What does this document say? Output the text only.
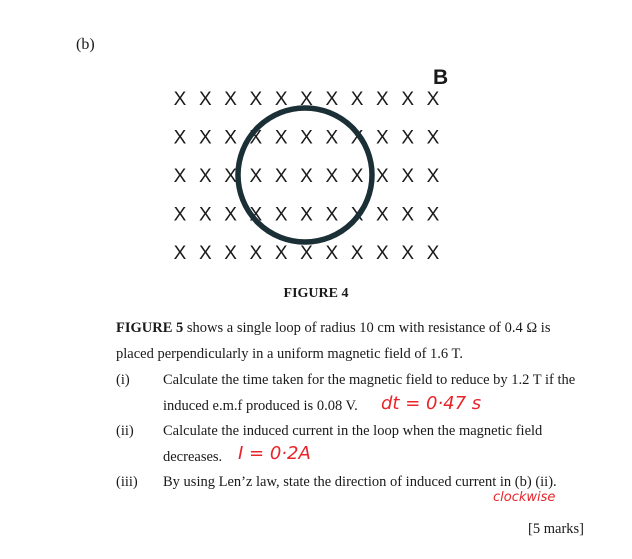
(b)
X X X X X X X X X X X
X X X X X X X X X X X
X X X X X X X X X X X
X X X X X X X X X X X
X X X X X X X X X X X
B
FIGURE 4
FIGURE 5 shows a single loop of radius 10 cm with resistance of 0.4 Ω is
placed perpendicularly in a uniform magnetic field of 1.6 T.
(i) Calculate the time taken for the magnetic field to reduce by 1.2 T if the
induced e.m.f produced is 0.08 V. dt = 0·47 s
(ii) Calculate the induced current in the loop when the magnetic field
decreases. I = 0·2A
(iii) By using Len’z law, state the direction of induced current in (b) (ii).
clockwise
[5 marks]
